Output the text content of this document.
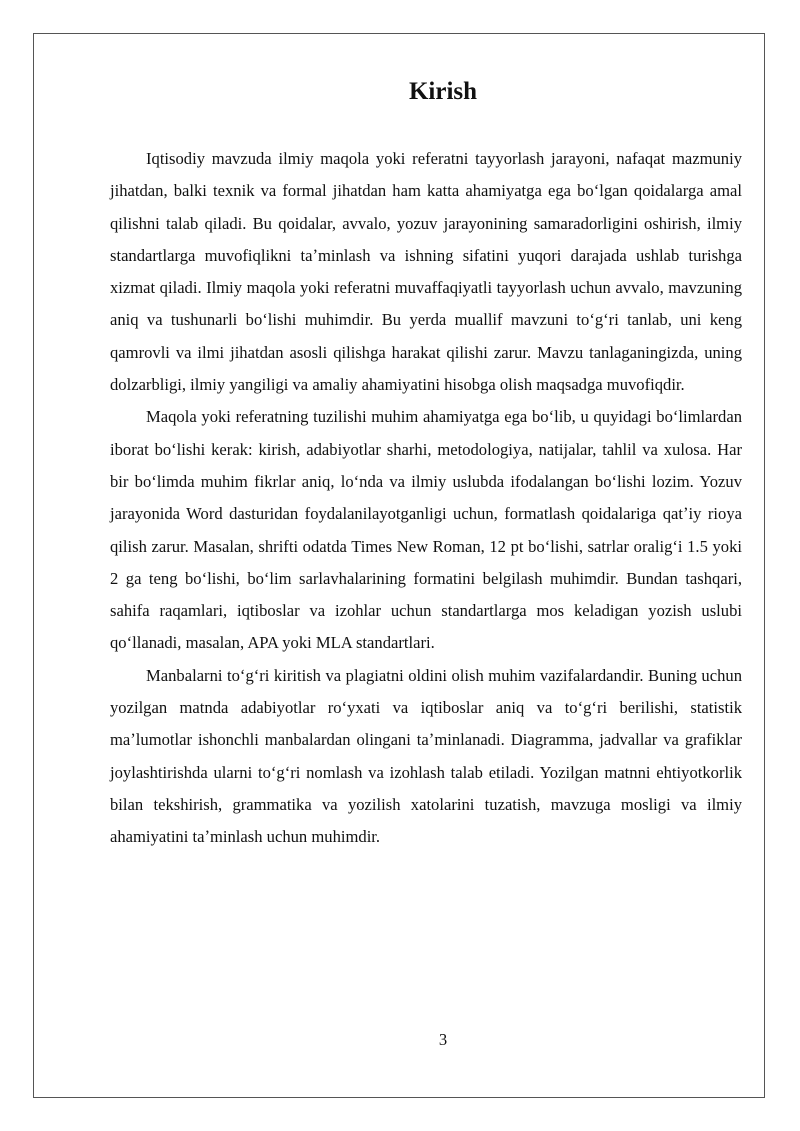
Kirish

Iqtisodiy mavzuda ilmiy maqola yoki referatni tayyorlash jarayoni, nafaqat mazmuniy jihatdan, balki texnik va formal jihatdan ham katta ahamiyatga ega boʻlgan qoidalarga amal qilishni talab qiladi. Bu qoidalar, avvalo, yozuv jarayonining samaradorligini oshirish, ilmiy standartlarga muvofiqlikni taʼminlash va ishning sifatini yuqori darajada ushlab turishga xizmat qiladi. Ilmiy maqola yoki referatni muvaffaqiyatli tayyorlash uchun avvalo, mavzuning aniq va tushunarli boʻlishi muhimdir. Bu yerda muallif mavzuni toʻgʻri tanlab, uni keng qamrovli va ilmi jihatdan asosli qilishga harakat qilishi zarur. Mavzu tanlaganingizda, uning dolzarbligi, ilmiy yangiligi va amaliy ahamiyatini hisobga olish maqsadga muvofiqdir.

Maqola yoki referatning tuzilishi muhim ahamiyatga ega boʻlib, u quyidagi boʻlimlardan iborat boʻlishi kerak: kirish, adabiyotlar sharhi, metodologiya, natijalar, tahlil va xulosa. Har bir boʻlimda muhim fikrlar aniq, loʻnda va ilmiy uslubda ifodalangan boʻlishi lozim. Yozuv jarayonida Word dasturidan foydalanilayotganligi uchun, formatlash qoidalariga qatʼiy rioya qilish zarur. Masalan, shrifti odatda Times New Roman, 12 pt boʻlishi, satrlar oraligʻi 1.5 yoki 2 ga teng boʻlishi, boʻlim sarlavhalarining formatini belgilash muhimdir. Bundan tashqari, sahifa raqamlari, iqtiboslar va izohlar uchun standartlarga mos keladigan yozish uslubi qoʻllanadi, masalan, APA yoki MLA standartlari.

Manbalarni toʻgʻri kiritish va plagiatni oldini olish muhim vazifalardandir. Buning uchun yozilgan matnda adabiyotlar roʻyxati va iqtiboslar aniq va toʻgʻri berilishi, statistik maʼlumotlar ishonchli manbalardan olingani taʼminlanadi. Diagramma, jadvallar va grafiklar joylashtirishda ularni toʻgʻri nomlash va izohlash talab etiladi. Yozilgan matnni ehtiyotkorlik bilan tekshirish, grammatika va yozilish xatolarini tuzatish, mavzuga mosligi va ilmiy ahamiyatini taʼminlash uchun muhimdir.

3
